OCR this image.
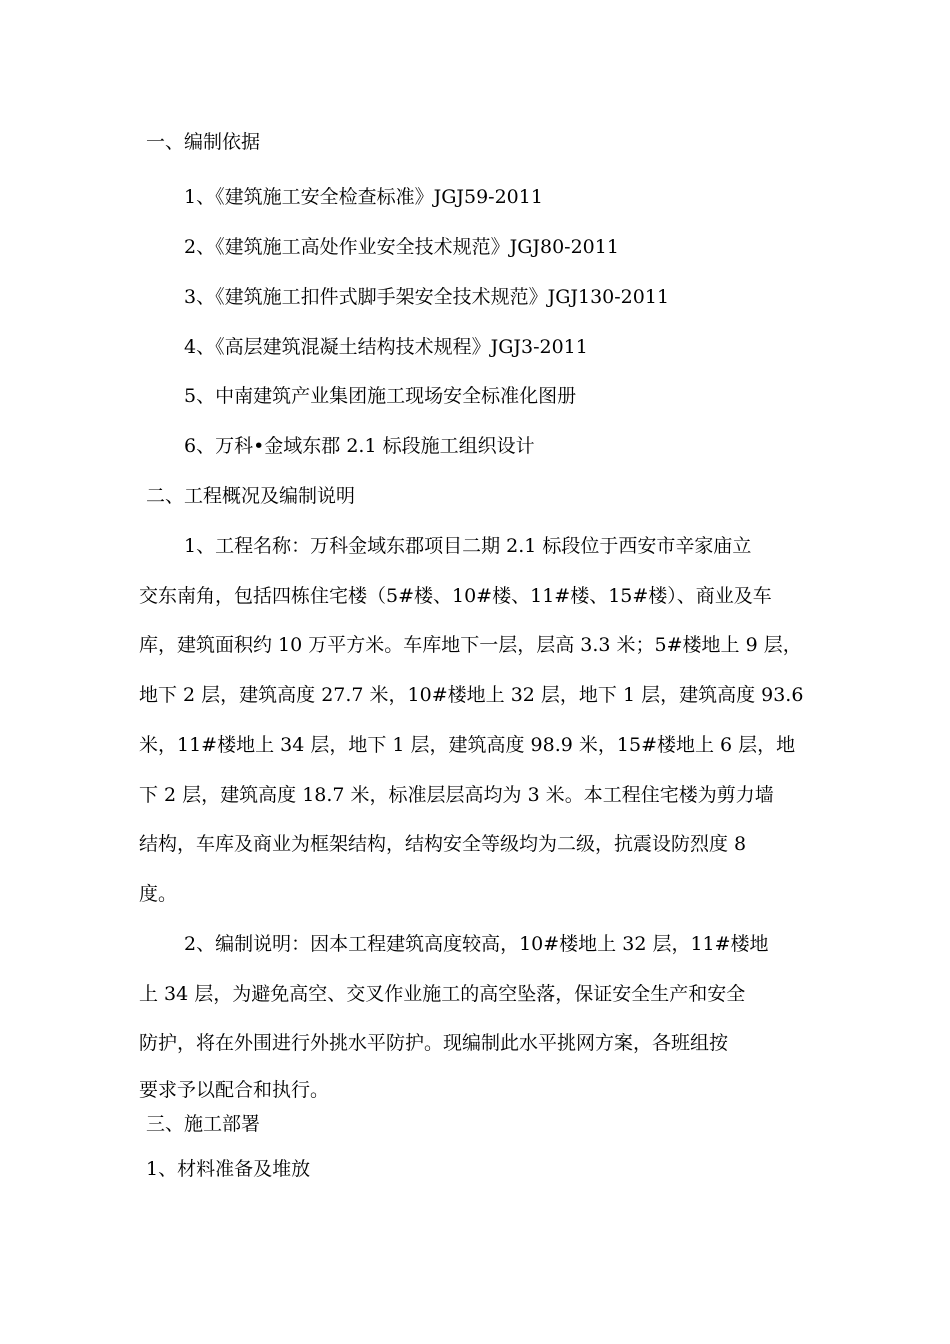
一、编制依据
1、《建筑施工安全检查标准》JGJ59-2011
2、《建筑施工高处作业安全技术规范》JGJ80-2011
3、《建筑施工扣件式脚手架安全技术规范》JGJ130-2011
4、《高层建筑混凝土结构技术规程》JGJ3-2011
5、中南建筑产业集团施工现场安全标准化图册
6、万科•金域东郡 2.1 标段施工组织设计
二、工程概况及编制说明
1、工程名称：万科金域东郡项目二期 2.1 标段位于西安市辛家庙立
交东南角，包括四栋住宅楼（5#楼、10#楼、11#楼、15#楼）、商业及车
库，建筑面积约 10 万平方米。车库地下一层，层高 3.3 米；5#楼地上 9 层，
地下 2 层，建筑高度 27.7 米，10#楼地上 32 层，地下 1 层，建筑高度 93.6
米，11#楼地上 34 层，地下 1 层，建筑高度 98.9 米，15#楼地上 6 层，地
下 2 层，建筑高度 18.7 米，标准层层高均为 3 米。本工程住宅楼为剪力墙
结构，车库及商业为框架结构，结构安全等级均为二级，抗震设防烈度 8
度。
2、编制说明：因本工程建筑高度较高，10#楼地上 32 层，11#楼地
上 34 层，为避免高空、交叉作业施工的高空坠落，保证安全生产和安全
防护，将在外围进行外挑水平防护。现编制此水平挑网方案，各班组按
要求予以配合和执行。
三、施工部署
1、材料准备及堆放
